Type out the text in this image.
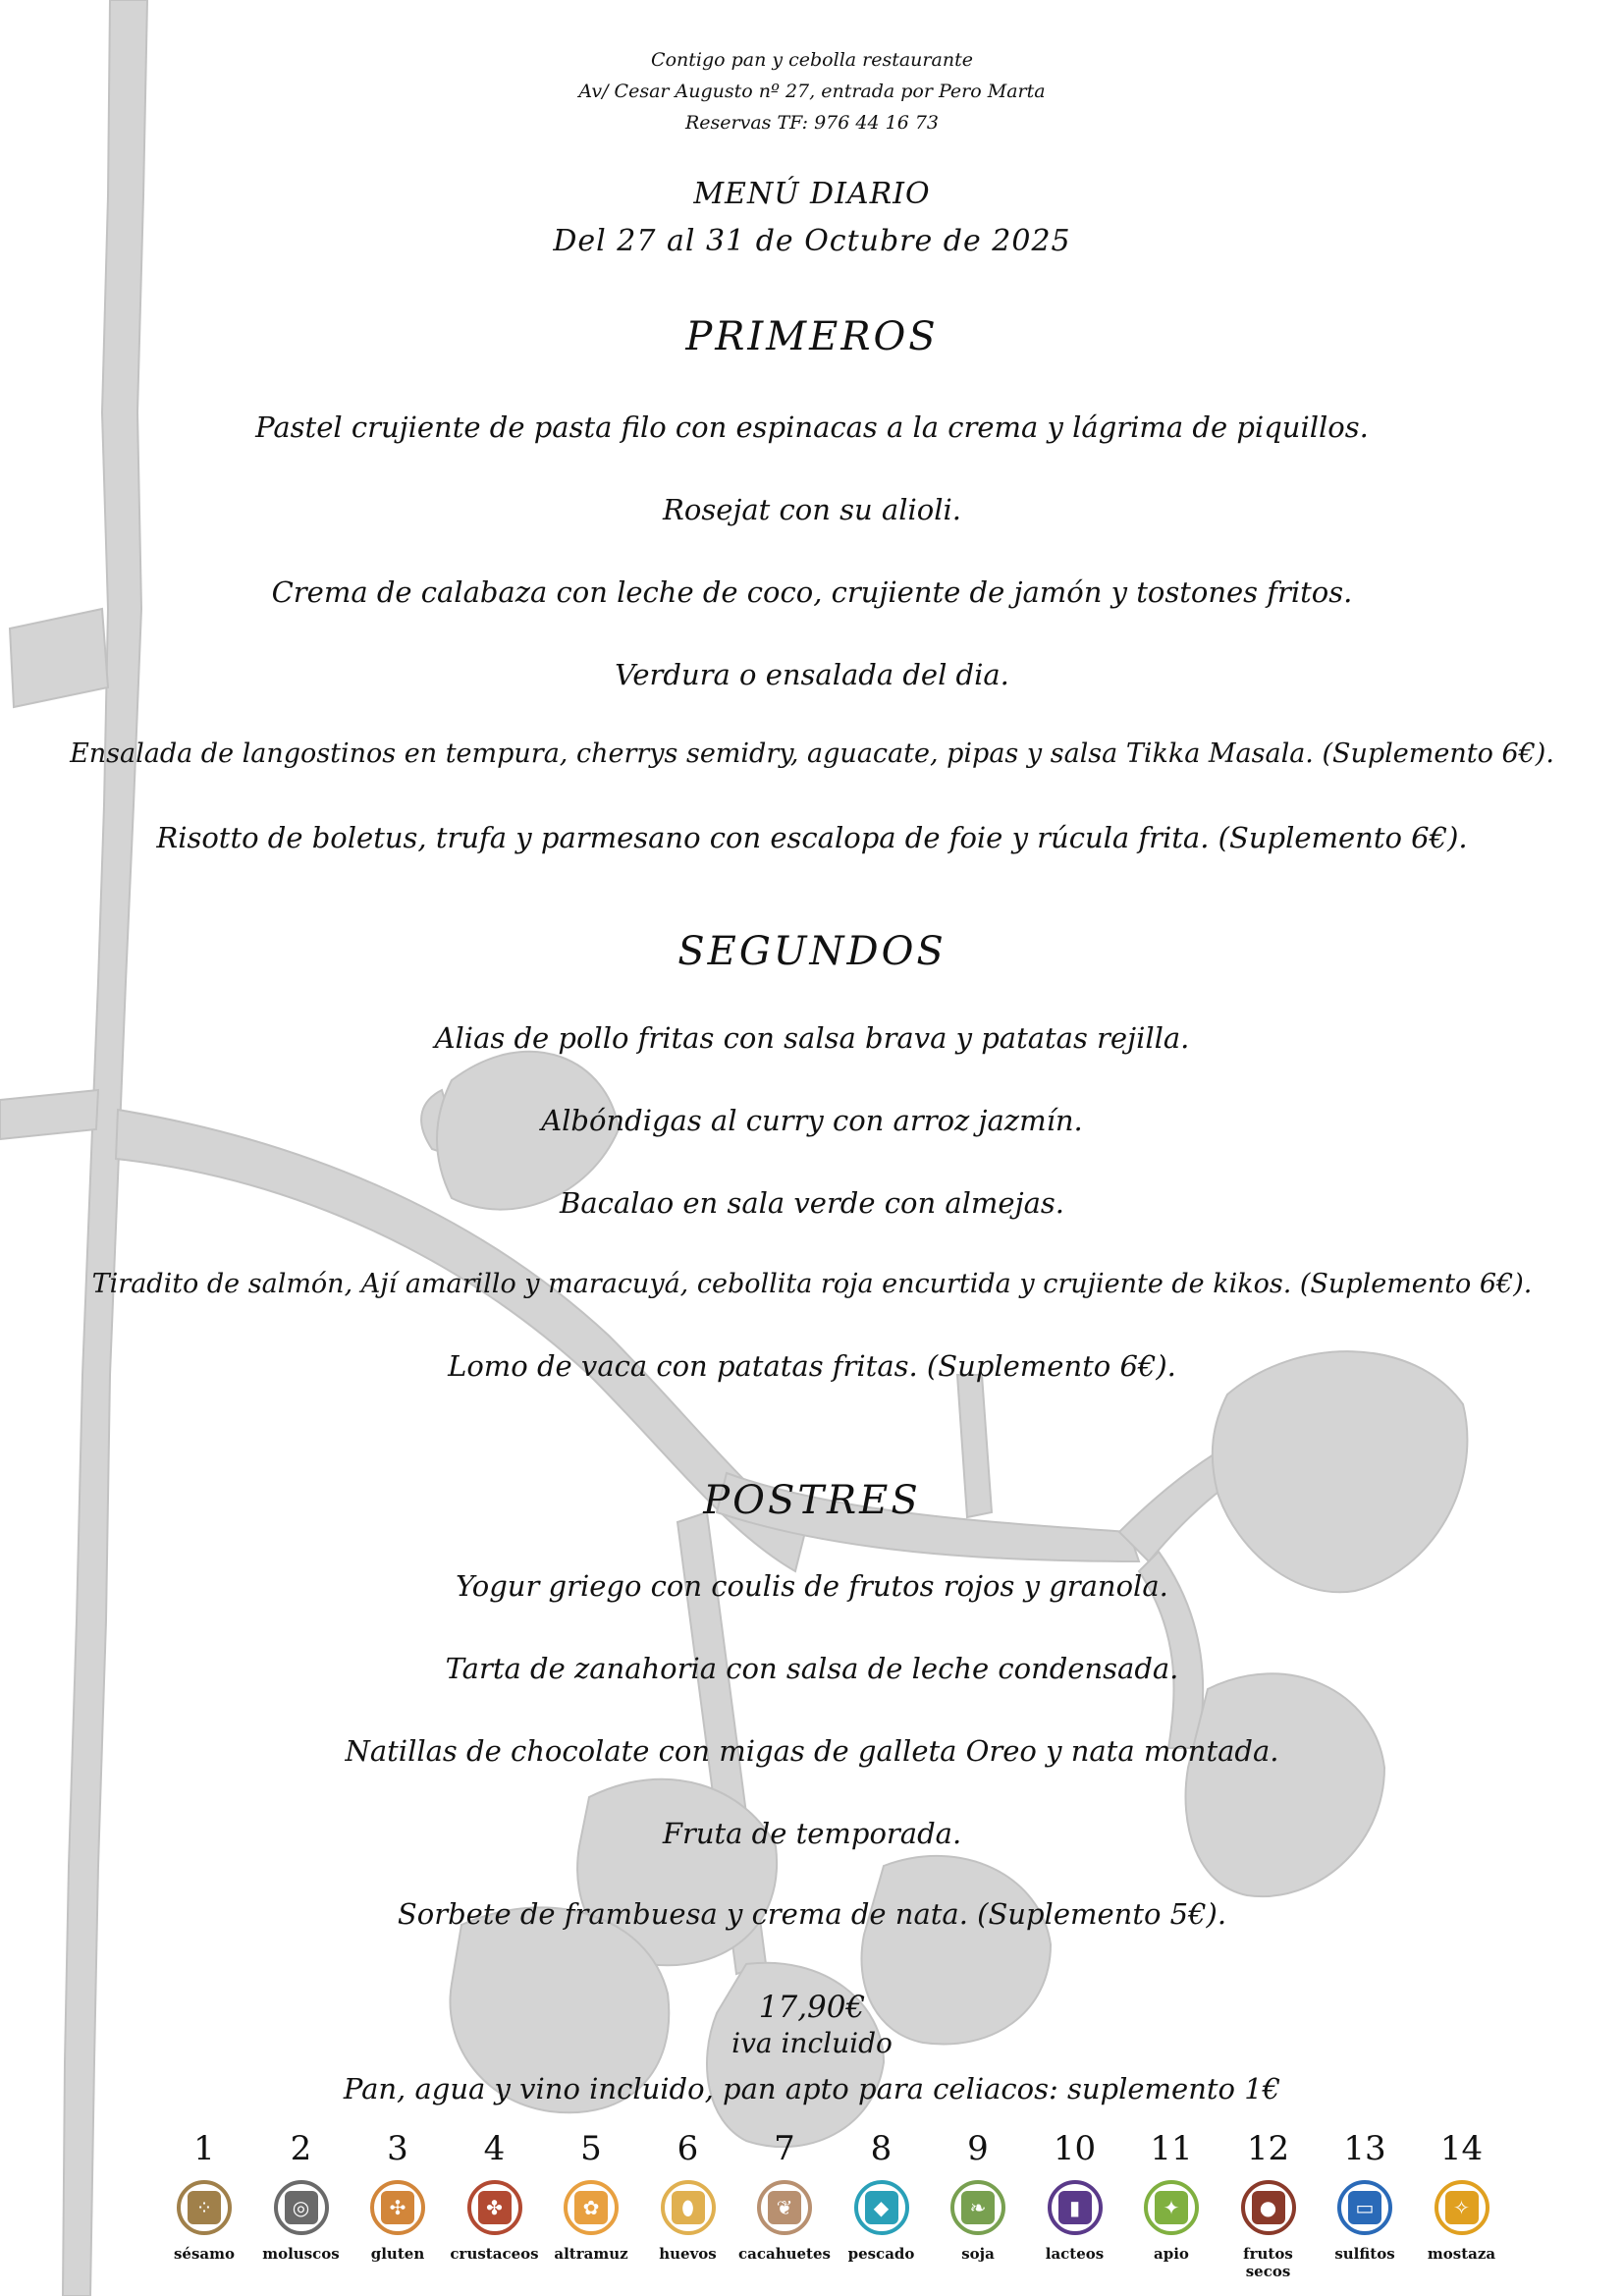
Contigo pan y cebolla restaurante
Av/ Cesar Augusto nº 27, entrada por Pero Marta
Reservas TF: 976 44 16 73
MENÚ DIARIO
Del 27 al 31 de Octubre de 2025
PRIMEROS
Pastel crujiente de pasta filo con espinacas a la crema y lágrima de piquillos.
Rosejat con su alioli.
Crema de calabaza con leche de coco, crujiente de jamón y tostones fritos.
Verdura o ensalada del dia.
Ensalada de langostinos en tempura, cherrys semidry, aguacate, pipas y salsa Tikka Masala. (Suplemento 6€).
Risotto de boletus, trufa y parmesano con escalopa de foie y rúcula frita. (Suplemento 6€).
SEGUNDOS
Alias de pollo fritas con salsa brava y patatas rejilla.
Albóndigas al curry con arroz jazmín.
Bacalao en sala verde con almejas.
Tiradito de salmón, Ají amarillo y maracuyá, cebollita roja encurtida y crujiente de kikos. (Suplemento 6€).
Lomo de vaca con patatas fritas. (Suplemento 6€).
POSTRES
Yogur griego con coulis de frutos rojos y granola.
Tarta de zanahoria con salsa de leche condensada.
Natillas de chocolate con migas de galleta Oreo y nata montada.
Fruta de temporada.
Sorbete de frambuesa y crema de nata. (Suplemento 5€).
17,90€
iva incluido
Pan, agua y vino incluido, pan apto para celiacos: suplemento 1€
1
⁘
sésamo
2
◎
moluscos
3
✣
gluten
4
✤
crustaceos
5
✿
altramuz
6
⬮
huevos
7
❦
cacahuetes
8
◆
pescado
9
❧
soja
10
▮
lacteos
11
✦
apio
12
●
frutos secos
13
▭
sulfitos
14
✧
mostaza
